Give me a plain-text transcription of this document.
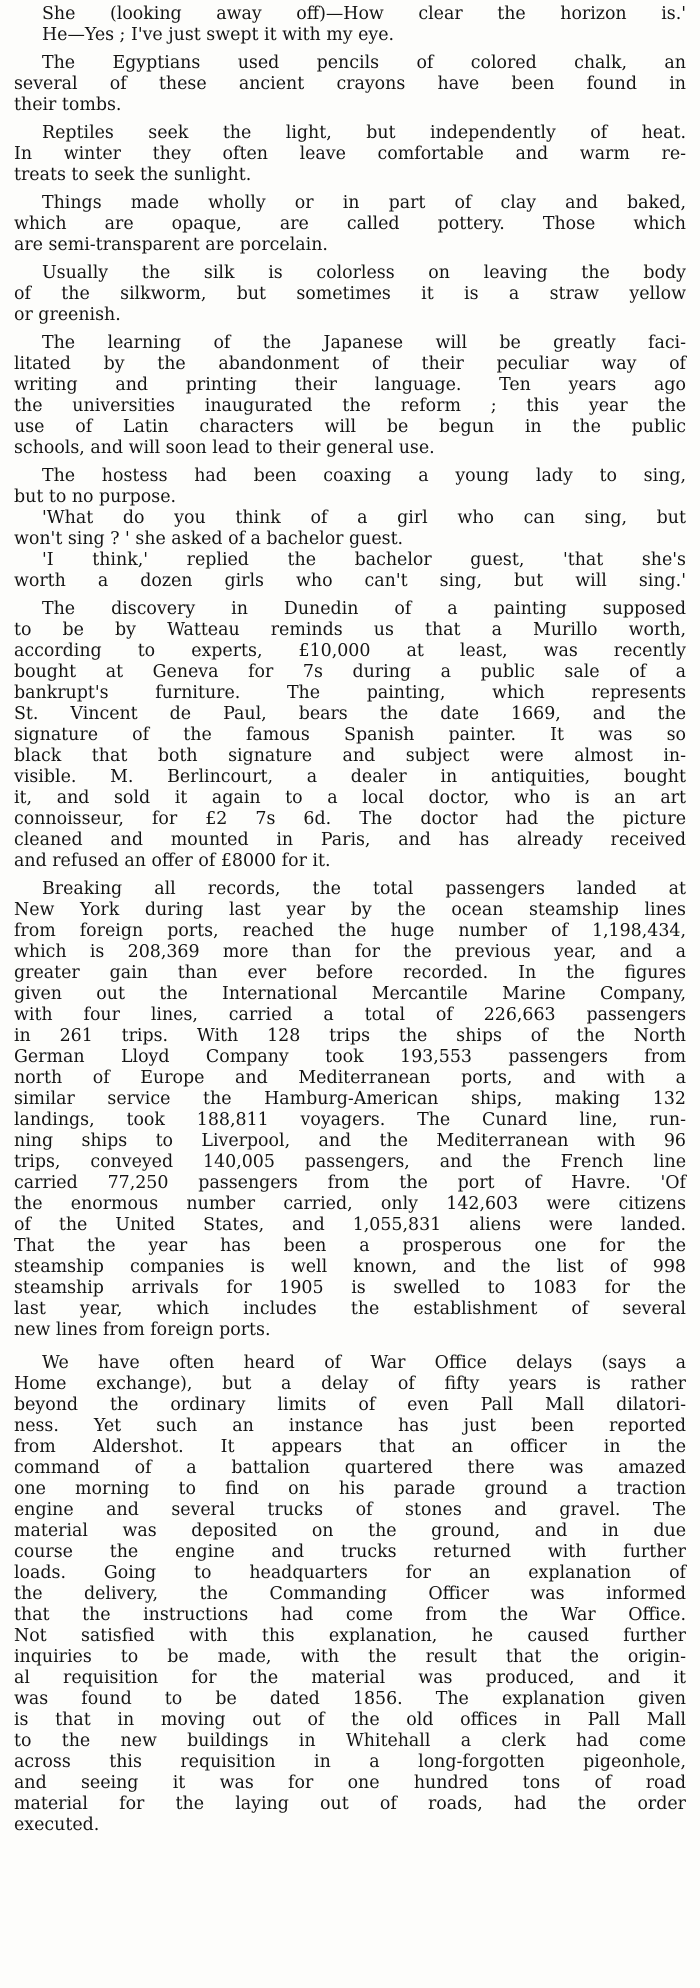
She (looking away off)—How clear the horizon is.'
He—Yes ; I've just swept it with my eye.
The Egyptians used pencils of colored chalk, an
several of these ancient crayons have been found in
their tombs.
Reptiles seek the light, but independently of heat.
In winter they often leave comfortable and warm re-
treats to seek the sunlight.
Things made wholly or in part of clay and baked,
which are opaque, are called pottery. Those which
are semi-transparent are porcelain.
Usually the silk is colorless on leaving the body
of the silkworm, but sometimes it is a straw yellow
or greenish.
The learning of the Japanese will be greatly faci-
litated by the abandonment of their peculiar way of
writing and printing their language. Ten years ago
the universities inaugurated the reform ; this year the
use of Latin characters will be begun in the public
schools, and will soon lead to their general use.
The hostess had been coaxing a young lady to sing,
but to no purpose.
'What do you think of a girl who can sing, but
won't sing ? ' she asked of a bachelor guest.
'I think,' replied the bachelor guest, 'that she's
worth a dozen girls who can't sing, but will sing.'
The discovery in Dunedin of a painting supposed
to be by Watteau reminds us that a Murillo worth,
according to experts, £10,000 at least, was recently
bought at Geneva for 7s during a public sale of a
bankrupt's furniture. The painting, which represents
St. Vincent de Paul, bears the date 1669, and the
signature of the famous Spanish painter. It was so
black that both signature and subject were almost in-
visible. M. Berlincourt, a dealer in antiquities, bought
it, and sold it again to a local doctor, who is an art
connoisseur, for £2 7s 6d. The doctor had the picture
cleaned and mounted in Paris, and has already received
and refused an offer of £8000 for it.
Breaking all records, the total passengers landed at
New York during last year by the ocean steamship lines
from foreign ports, reached the huge number of 1,198,434,
which is 208,369 more than for the previous year, and a
greater gain than ever before recorded. In the figures
given out the International Mercantile Marine Company,
with four lines, carried a total of 226,663 passengers
in 261 trips. With 128 trips the ships of the North
German Lloyd Company took 193,553 passengers from
north of Europe and Mediterranean ports, and with a
similar service the Hamburg-American ships, making 132
landings, took 188,811 voyagers. The Cunard line, run-
ning ships to Liverpool, and the Mediterranean with 96
trips, conveyed 140,005 passengers, and the French line
carried 77,250 passengers from the port of Havre. 'Of
the enormous number carried, only 142,603 were citizens
of the United States, and 1,055,831 aliens were landed.
That the year has been a prosperous one for the
steamship companies is well known, and the list of 998
steamship arrivals for 1905 is swelled to 1083 for the
last year, which includes the establishment of several
new lines from foreign ports.
We have often heard of War Office delays (says a
Home exchange), but a delay of fifty years is rather
beyond the ordinary limits of even Pall Mall dilatori-
ness. Yet such an instance has just been reported
from Aldershot. It appears that an officer in the
command of a battalion quartered there was amazed
one morning to find on his parade ground a traction
engine and several trucks of stones and gravel. The
material was deposited on the ground, and in due
course the engine and trucks returned with further
loads. Going to headquarters for an explanation of
the delivery, the Commanding Officer was informed
that the instructions had come from the War Office.
Not satisfied with this explanation, he caused further
inquiries to be made, with the result that the origin-
al requisition for the material was produced, and it
was found to be dated 1856. The explanation given
is that in moving out of the old offices in Pall Mall
to the new buildings in Whitehall a clerk had come
across this requisition in a long-forgotten pigeonhole,
and seeing it was for one hundred tons of road
material for the laying out of roads, had the order
executed.
